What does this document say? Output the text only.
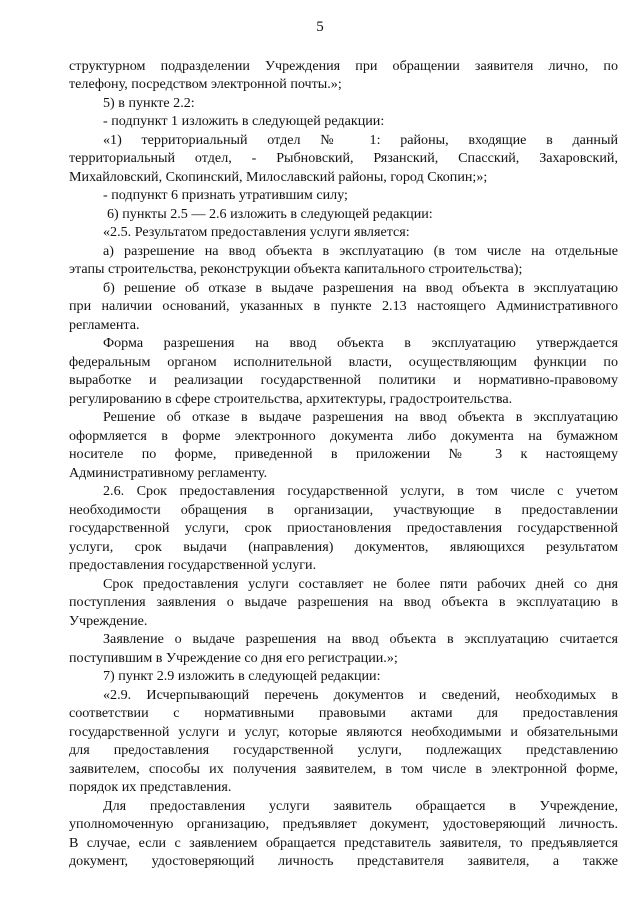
5
структурном подразделении Учреждения при обращении заявителя лично, по
телефону, посредством электронной почты.»;
5) в пункте 2.2:
- подпункт 1 изложить в следующей редакции:
«1) территориальный отдел № 1: районы, входящие в данный
территориальный отдел, - Рыбновский, Рязанский, Спасский, Захаровский,
Михайловский, Скопинский, Милославский районы, город Скопин;»;
- подпункт 6 признать утратившим силу;
6) пункты 2.5 — 2.6 изложить в следующей редакции:
«2.5. Результатом предоставления услуги является:
а) разрешение на ввод объекта в эксплуатацию (в том числе на отдельные
этапы строительства, реконструкции объекта капитального строительства);
б) решение об отказе в выдаче разрешения на ввод объекта в эксплуатацию
при наличии оснований, указанных в пункте 2.13 настоящего Административного
регламента.
Форма разрешения на ввод объекта в эксплуатацию утверждается
федеральным органом исполнительной власти, осуществляющим функции по
выработке и реализации государственной политики и нормативно-правовому
регулированию в сфере строительства, архитектуры, градостроительства.
Решение об отказе в выдаче разрешения на ввод объекта в эксплуатацию
оформляется в форме электронного документа либо документа на бумажном
носителе по форме, приведенной в приложении № 3 к настоящему
Административному регламенту.
2.6. Срок предоставления государственной услуги, в том числе с учетом
необходимости обращения в организации, участвующие в предоставлении
государственной услуги, срок приостановления предоставления государственной
услуги, срок выдачи (направления) документов, являющихся результатом
предоставления государственной услуги.
Срок предоставления услуги составляет не более пяти рабочих дней со дня
поступления заявления о выдаче разрешения на ввод объекта в эксплуатацию в
Учреждение.
Заявление о выдаче разрешения на ввод объекта в эксплуатацию считается
поступившим в Учреждение со дня его регистрации.»;
7) пункт 2.9 изложить в следующей редакции:
«2.9. Исчерпывающий перечень документов и сведений, необходимых в
соответствии с нормативными правовыми актами для предоставления
государственной услуги и услуг, которые являются необходимыми и обязательными
для предоставления государственной услуги, подлежащих представлению
заявителем, способы их получения заявителем, в том числе в электронной форме,
порядок их представления.
Для предоставления услуги заявитель обращается в Учреждение,
уполномоченную организацию, предъявляет документ, удостоверяющий личность.
В случае, если с заявлением обращается представитель заявителя, то предъявляется
документ, удостоверяющий личность представителя заявителя, а также
